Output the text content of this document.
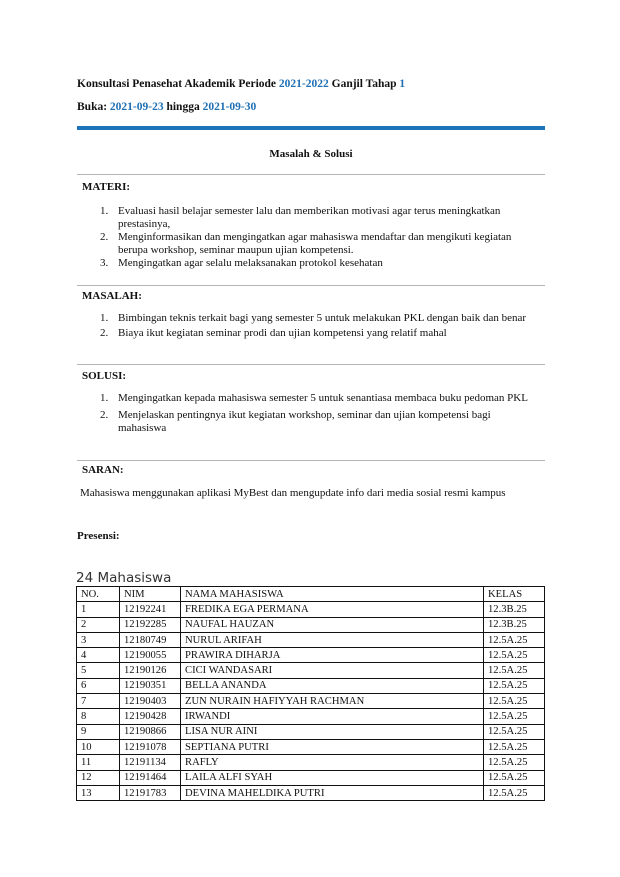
Konsultasi Penasehat Akademik Periode 2021-2022 Ganjil Tahap 1
Buka: 2021-09-23 hingga 2021-09-30
Masalah & Solusi
MATERI:
1. Evaluasi hasil belajar semester lalu dan memberikan motivasi agar terus meningkatkan prestasinya,
2. Menginformasikan dan mengingatkan agar mahasiswa mendaftar dan mengikuti kegiatan berupa workshop, seminar maupun ujian kompetensi.
3. Mengingatkan agar selalu melaksanakan protokol kesehatan
MASALAH:
1. Bimbingan teknis terkait bagi yang semester 5 untuk melakukan PKL dengan baik dan benar
2. Biaya ikut kegiatan seminar prodi dan ujian kompetensi yang relatif mahal
SOLUSI:
1. Mengingatkan kepada mahasiswa semester 5 untuk senantiasa membaca buku pedoman PKL
2. Menjelaskan pentingnya ikut kegiatan workshop, seminar dan ujian kompetensi bagi mahasiswa
SARAN:
Mahasiswa menggunakan aplikasi MyBest dan mengupdate info dari media sosial resmi kampus
Presensi:
24 Mahasiswa
NO.	NIM	NAMA MAHASISWA	KELAS
1	12192241	FREDIKA EGA PERMANA	12.3B.25
2	12192285	NAUFAL HAUZAN	12.3B.25
3	12180749	NURUL ARIFAH	12.5A.25
4	12190055	PRAWIRA DIHARJA	12.5A.25
5	12190126	CICI WANDASARI	12.5A.25
6	12190351	BELLA ANANDA	12.5A.25
7	12190403	ZUN NURAIN HAFIYYAH RACHMAN	12.5A.25
8	12190428	IRWANDI	12.5A.25
9	12190866	LISA NUR AINI	12.5A.25
10	12191078	SEPTIANA PUTRI	12.5A.25
11	12191134	RAFLY	12.5A.25
12	12191464	LAILA ALFI SYAH	12.5A.25
13	12191783	DEVINA MAHELDIKA PUTRI	12.5A.25
